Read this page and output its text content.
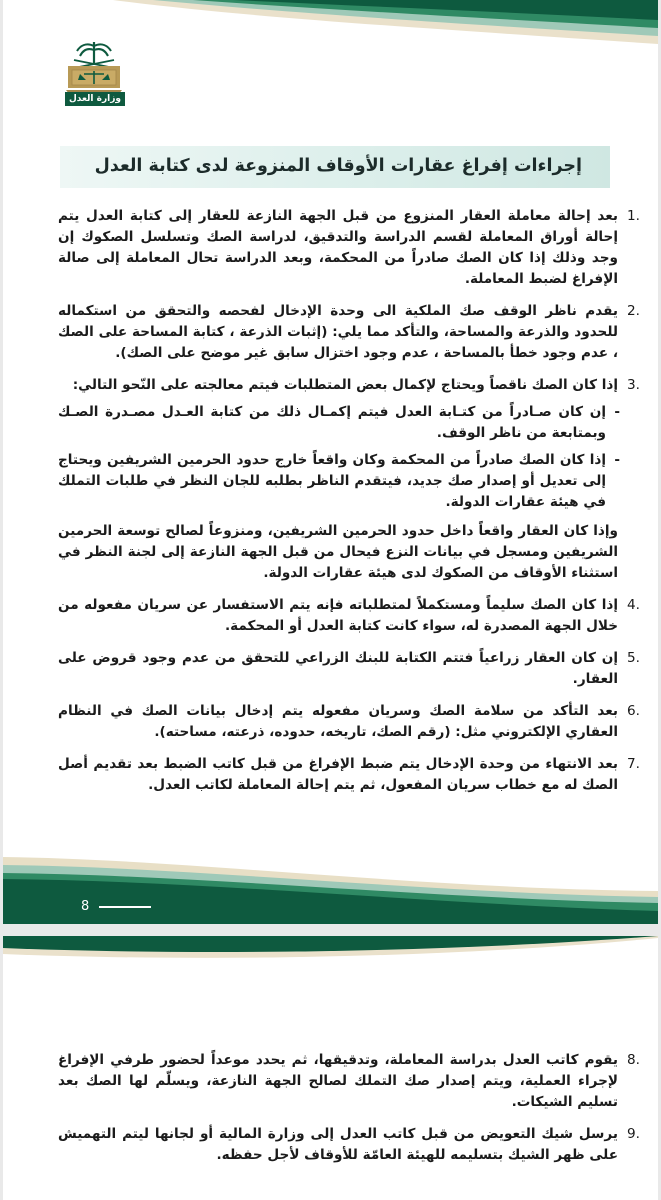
وزارة العدل
إجراءات إفراغ عقارات الأوقاف المنزوعة لدى كتابة العدل
1.
بعد إحالة معاملة العقار المنزوع من قبل الجهة النازعة للعقار إلى كتابة العدل يتم إحالة أوراق المعاملة لقسم الدراسة والتدقيق، لدراسة الصك وتسلسل الصكوك إن وجد وذلك إذا كان الصك صادراً من المحكمة، وبعد الدراسة تحال المعاملة إلى صالة الإفراغ لضبط المعاملة.
2.
يقدم ناظر الوقف صك الملكية الى وحدة الإدخال لفحصه والتحقق من استكماله للحدود والذرعة والمساحة، والتأكد مما يلي: (إثبات الذرعة ، كتابة المساحة على الصك ، عدم وجود خطأ بالمساحة ، عدم وجود اختزال سابق غير موضح على الصك).
3.
إذا كان الصك ناقصاً ويحتاج لإكمال بعض المتطلبات فيتم معالجته على النّحو التالي:
-
إن كان صـادراً من كتـابة العدل فيتم إكمـال ذلك من كتابة العـدل مصـدرة الصـك وبمتابعة من ناظر الوقف.
-
إذا كان الصك صادراً من المحكمة وكان واقعاً خارج حدود الحرمين الشريفين ويحتاج إلى تعديل أو إصدار صك جديد، فيتقدم الناظر بطلبه للجان النظر في طلبات التملك في هيئة عقارات الدولة.
وإذا كان العقار واقعاً داخل حدود الحرمين الشريفين، ومنزوعاً لصالح توسعة الحرمين الشريفين ومسجل في بيانات النزع فيحال من قبل الجهة النازعة إلى لجنة النظر في استثناء الأوقاف من الصكوك لدى هيئة عقارات الدولة.
4.
إذا كان الصك سليماً ومستكملاً لمتطلباته فإنه يتم الاستفسار عن سريان مفعوله من خلال الجهة المصدرة له، سواء كانت كتابة العدل أو المحكمة.
5.
إن كان العقار زراعياً فتتم الكتابة للبنك الزراعي للتحقق من عدم وجود قروض على العقار.
6.
بعد التأكد من سلامة الصك وسريان مفعوله يتم إدخال بيانات الصك في النظام العقاري الإلكتروني مثل: (رقم الصك، تاريخه، حدوده، ذرعته، مساحته).
7.
بعد الانتهاء من وحدة الإدخال يتم ضبط الإفراغ من قبل كاتب الضبط بعد تقديم أصل الصك له مع خطاب سريان المفعول، ثم يتم إحالة المعاملة لكاتب العدل.
8
8.
يقوم كاتب العدل بدراسة المعاملة، وتدقيقها، ثم يحدد موعداً لحضور طرفي الإفراغ لإجراء العملية، ويتم إصدار صك التملك لصالح الجهة النازعة، ويسلّم لها الصك بعد تسليم الشيكات.
9.
يرسل شيك التعويض من قبل كاتب العدل إلى وزارة المالية أو لجانها ليتم التهميش على ظهر الشيك بتسليمه للهيئة العامّة للأوقاف لأجل حفظه.
